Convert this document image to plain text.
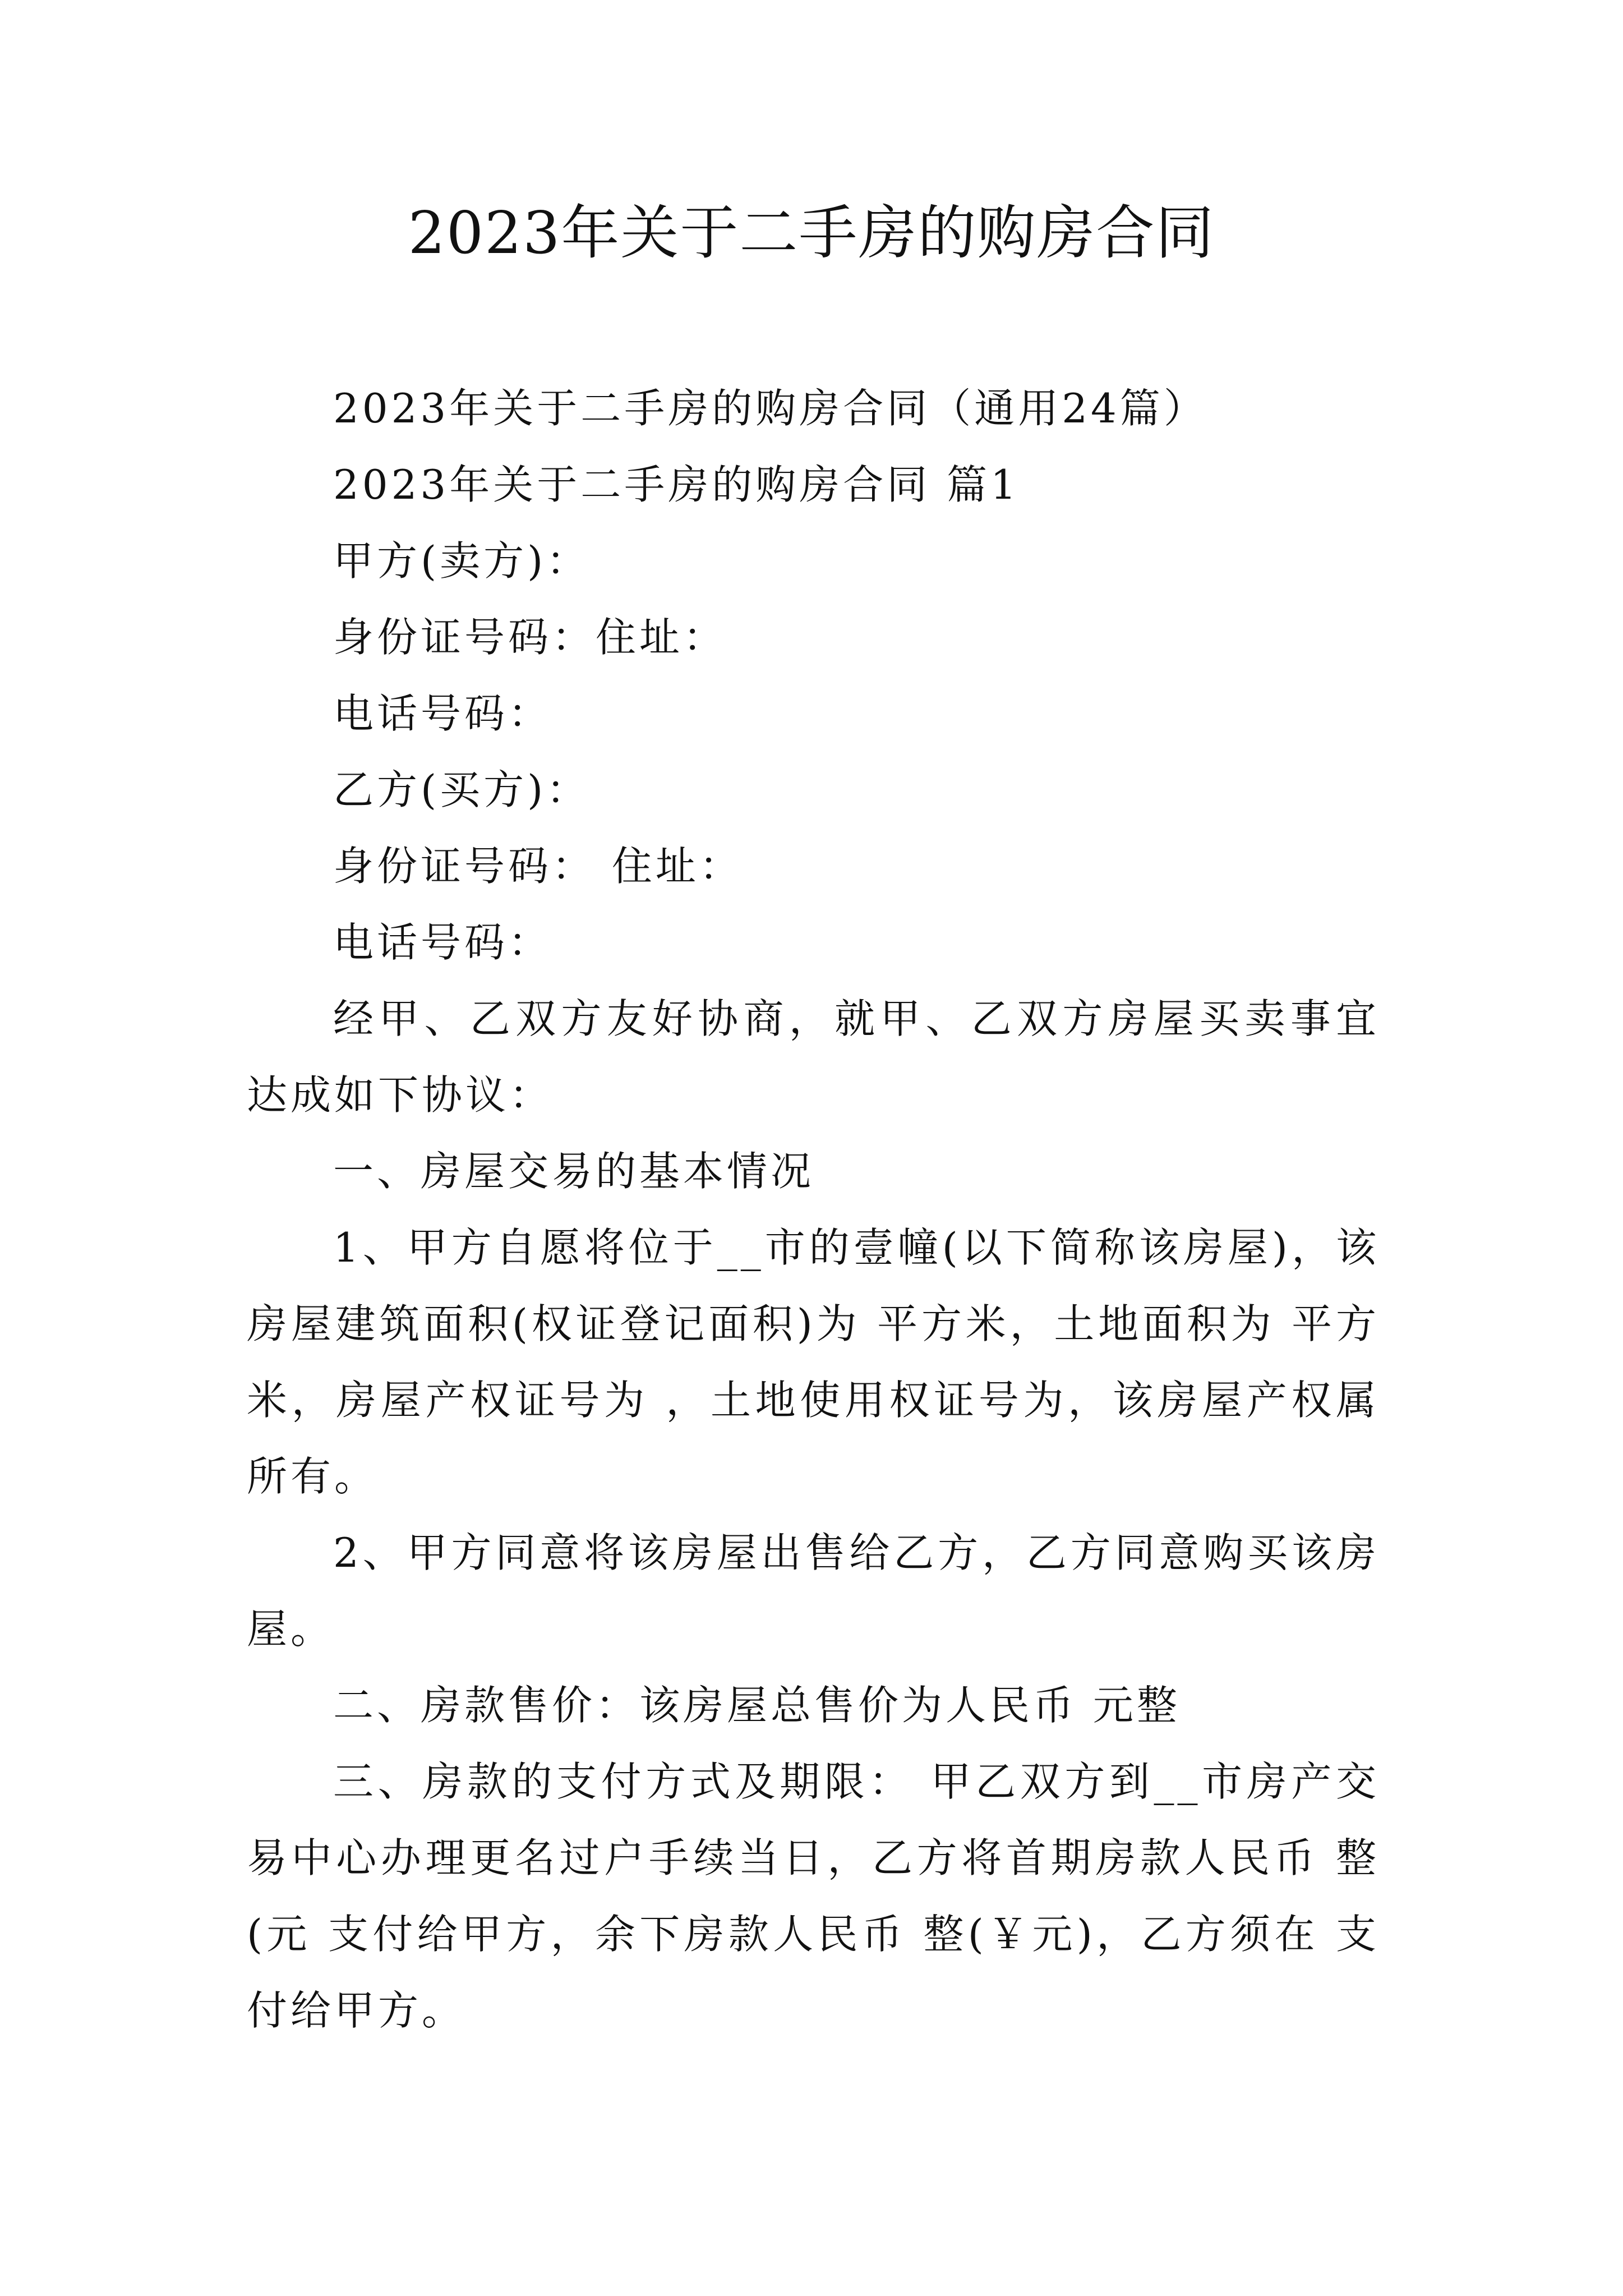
2023年关于二手房的购房合同

2023年关于二手房的购房合同（通用24篇）

2023年关于二手房的购房合同 篇1

甲方(卖方)：

身份证号码：住址：

电话号码：

乙方(买方)：

身份证号码： 住址：

电话号码：

经甲、乙双方友好协商，就甲、乙双方房屋买卖事宜达成如下协议：

一、房屋交易的基本情况

1、甲方自愿将位于__市的壹幢(以下简称该房屋)，该房屋建筑面积(权证登记面积)为 平方米，土地面积为 平方米，房屋产权证号为 ，土地使用权证号为，该房屋产权属所有。

2、甲方同意将该房屋出售给乙方，乙方同意购买该房屋。

二、房款售价：该房屋总售价为人民币 元整

三、房款的支付方式及期限： 甲乙双方到__市房产交易中心办理更名过户手续当日，乙方将首期房款人民币 整(元 支付给甲方，余下房款人民币 整(￥元)，乙方须在 支付给甲方。
